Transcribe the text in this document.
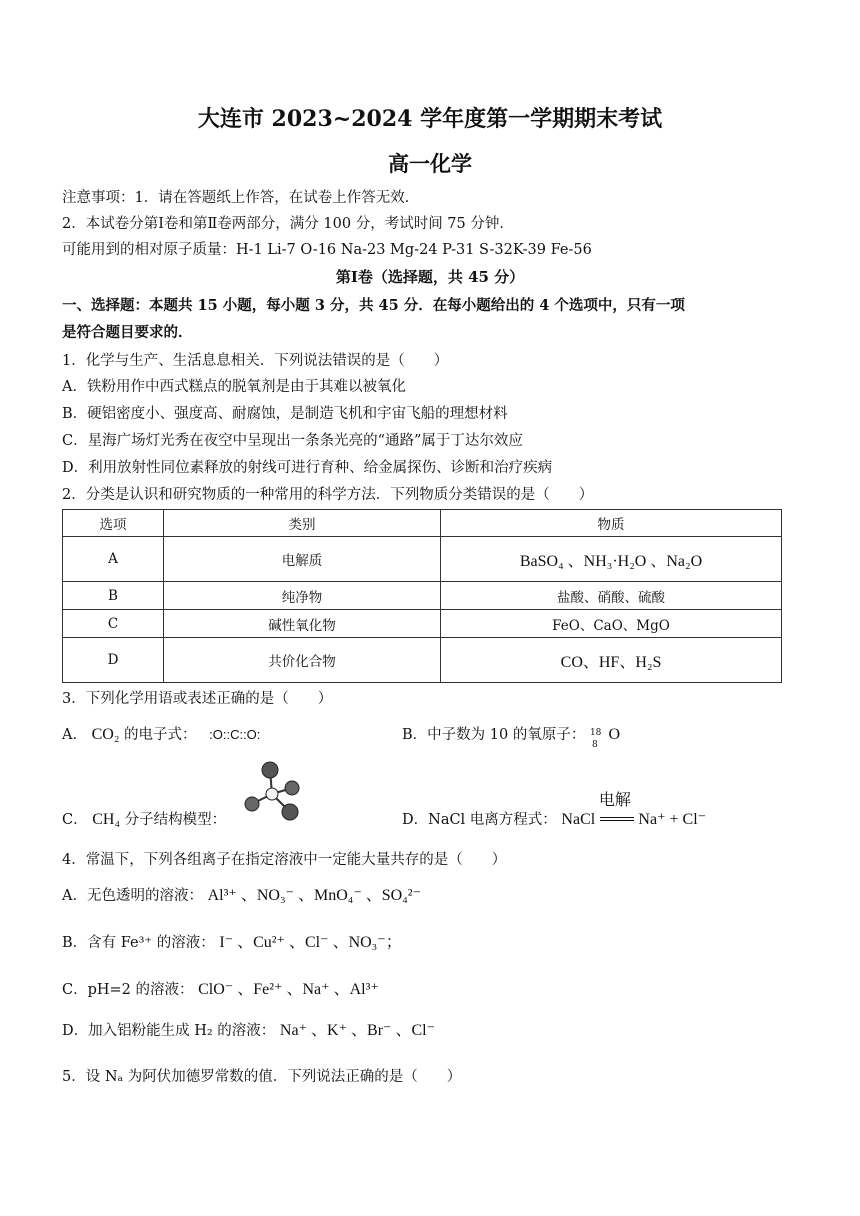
大连市 2023~2024 学年度第一学期期末考试
高一化学
注意事项：1．请在答题纸上作答，在试卷上作答无效．
2．本试卷分第Ⅰ卷和第Ⅱ卷两部分，满分 100 分，考试时间 75 分钟．
可能用到的相对原子质量：H-1 Li-7 O-16 Na-23 Mg-24 P-31 S-32K-39 Fe-56
第Ⅰ卷（选择题，共 45 分）
一、选择题：本题共 15 小题，每小题 3 分，共 45 分．在每小题给出的 4 个选项中，只有一项
是符合题目要求的．
1．化学与生产、生活息息相关．下列说法错误的是（　　）
A．铁粉用作中西式糕点的脱氧剂是由于其难以被氧化
B．硬铝密度小、强度高、耐腐蚀，是制造飞机和宇宙飞船的理想材料
C．星海广场灯光秀在夜空中呈现出一条条光亮的“通路”属于丁达尔效应
D．利用放射性同位素释放的射线可进行育种、给金属探伤、诊断和治疗疾病
2．分类是认识和研究物质的一种常用的科学方法．下列物质分类错误的是（　　）
选项	类别	物质
A	电解质	BaSO₄ 、NH₃·H₂O 、Na₂O
B	纯净物	盐酸、硝酸、硫酸
C	碱性氧化物	FeO、CaO、MgO
D	共价化合物	CO、HF、H₂S
3．下列化学用语或表述正确的是（　　）
A． CO₂ 的电子式： :O::C::O:	B．中子数为 10 的氧原子： 18
8
O
C． CH₄ 分子结构模型：	D．NaCl 电离方程式： NaCl
电解
Na⁺ + Cl⁻
4．常温下，下列各组离子在指定溶液中一定能大量共存的是（　　）
A．无色透明的溶液： Al³⁺ 、NO₃⁻ 、MnO₄⁻ 、SO₄²⁻
B．含有 Fe³⁺ 的溶液： I⁻ 、Cu²⁺ 、Cl⁻ 、NO₃⁻；
C．pH=2 的溶液： ClO⁻ 、Fe²⁺ 、Na⁺ 、Al³⁺
D．加入铝粉能生成 H₂ 的溶液： Na⁺ 、K⁺ 、Br⁻ 、Cl⁻
5．设 Nₐ 为阿伏加德罗常数的值．下列说法正确的是（　　）
